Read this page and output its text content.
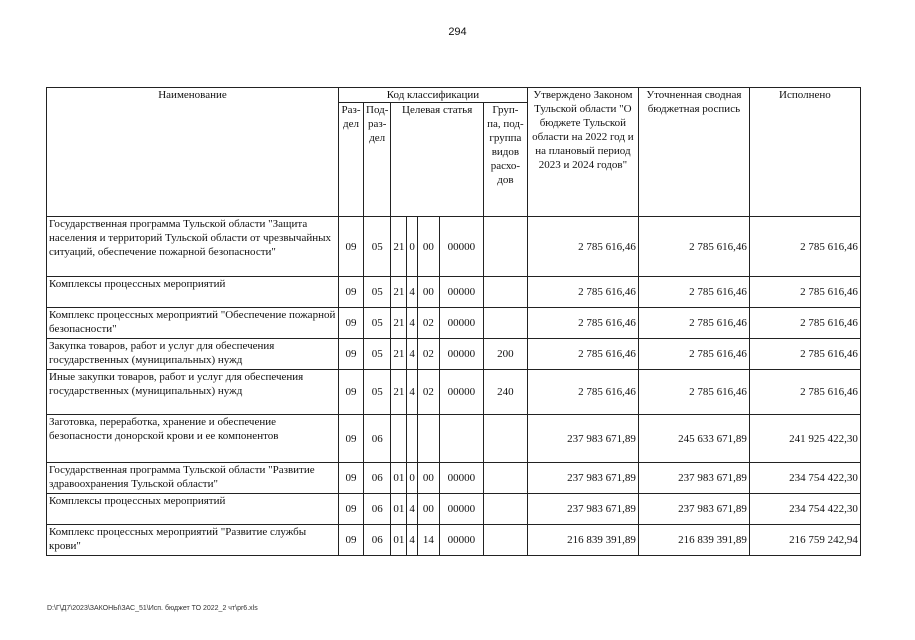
294
Наименование	Код классификации							Утверждено Законом Тульской области "О бюджете Тульской области на 2022 год и на плановый период 2023 и 2024 годов"	Уточненная сводная бюджетная роспись	Исполнено
	Раз-дел	Под-раз-дел	Целевая статья				Груп-па, под-группа видов расхо-дов			
Государственная программа Тульской области "Защита населения и территорий Тульской области от чрезвычайных ситуаций, обеспечение пожарной безопасности"	09	05	21	0	00	00000		2 785 616,46	2 785 616,46	2 785 616,46
Комплексы процессных мероприятий	09	05	21	4	00	00000		2 785 616,46	2 785 616,46	2 785 616,46
Комплекс процессных мероприятий "Обеспечение пожарной безопасности"	09	05	21	4	02	00000		2 785 616,46	2 785 616,46	2 785 616,46
Закупка товаров, работ и услуг для обеспечения государственных (муниципальных) нужд	09	05	21	4	02	00000	200	2 785 616,46	2 785 616,46	2 785 616,46
Иные закупки товаров, работ и услуг для обеспечения государственных (муниципальных) нужд	09	05	21	4	02	00000	240	2 785 616,46	2 785 616,46	2 785 616,46
Заготовка, переработка, хранение и обеспечение безопасности донорской крови и ее компонентов	09	06						237 983 671,89	245 633 671,89	241 925 422,30
Государственная программа Тульской области "Развитие здравоохранения Тульской области"	09	06	01	0	00	00000		237 983 671,89	237 983 671,89	234 754 422,30
Комплексы процессных мероприятий	09	06	01	4	00	00000		237 983 671,89	237 983 671,89	234 754 422,30
Комплекс процессных мероприятий "Развитие службы крови"	09	06	01	4	14	00000		216 839 391,89	216 839 391,89	216 759 242,94
D:\Г\Д7\2023\ЗАКОНЫ\ЗАС_51\Исп. бюджет ТО 2022_2 чт\pr6.xls
